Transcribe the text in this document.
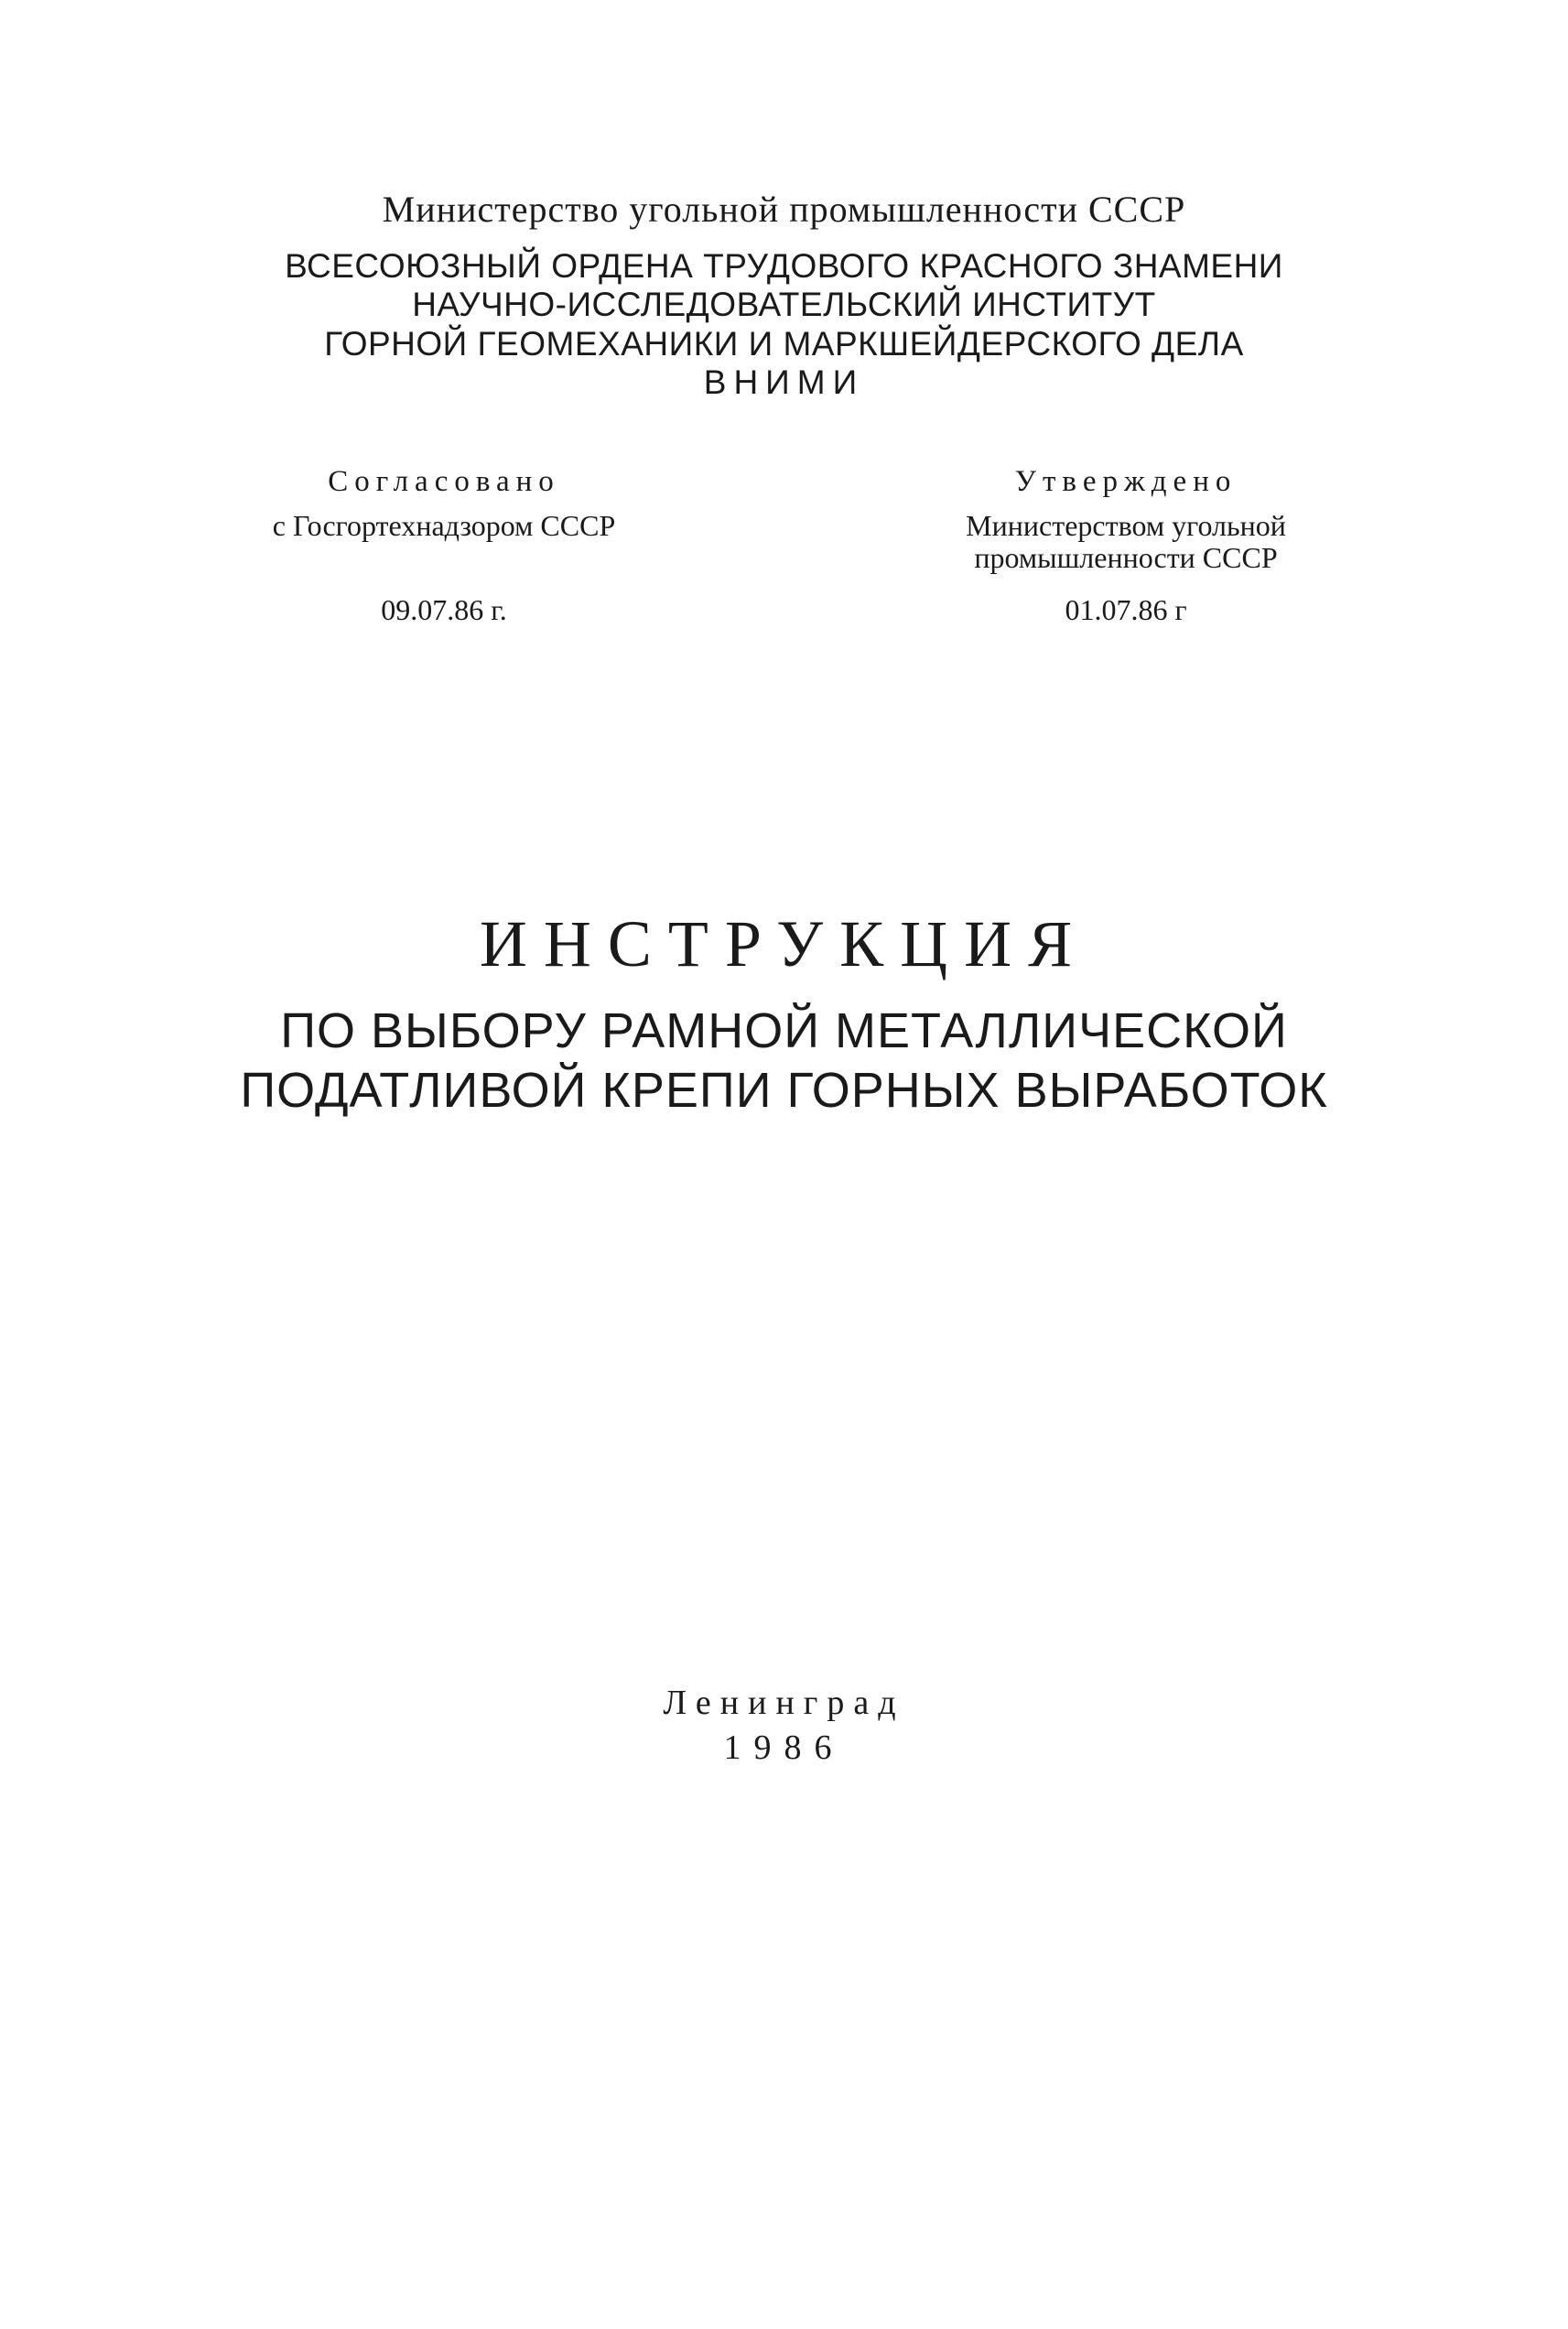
Министерство угольной промышленности СССР
ВСЕСОЮЗНЫЙ ОРДЕНА ТРУДОВОГО КРАСНОГО ЗНАМЕНИ
НАУЧНО-ИССЛЕДОВАТЕЛЬСКИЙ ИНСТИТУТ
ГОРНОЙ ГЕОМЕХАНИКИ И МАРКШЕЙДЕРСКОГО ДЕЛА
ВНИМИ
Согласовано
с Госгортехнадзором СССР
09.07.86 г.
Утверждено
Министерством угольной
промышленности СССР
01.07.86 г
ИНСТРУКЦИЯ
ПО ВЫБОРУ РАМНОЙ МЕТАЛЛИЧЕСКОЙ
ПОДАТЛИВОЙ КРЕПИ ГОРНЫХ ВЫРАБОТОК
Ленинград
1986
